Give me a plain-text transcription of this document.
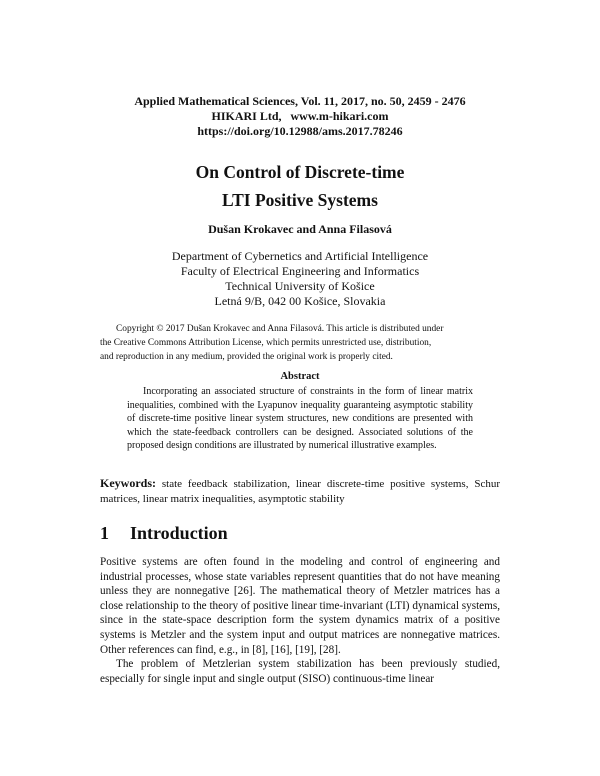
Applied Mathematical Sciences, Vol. 11, 2017, no. 50, 2459 - 2476
HIKARI Ltd,   www.m-hikari.com
https://doi.org/10.12988/ams.2017.78246
On Control of Discrete-time
LTI Positive Systems
Dušan Krokavec and Anna Filasová
Department of Cybernetics and Artificial Intelligence
Faculty of Electrical Engineering and Informatics
Technical University of Košice
Letná 9/B, 042 00 Košice, Slovakia
Copyright © 2017 Dušan Krokavec and Anna Filasová. This article is distributed under
the Creative Commons Attribution License, which permits unrestricted use, distribution,
and reproduction in any medium, provided the original work is properly cited.
Abstract
Incorporating an associated structure of constraints in the form of linear matrix inequalities, combined with the Lyapunov inequality guaranteing asymptotic stability of discrete-time positive linear system structures, new conditions are presented with which the state-feedback controllers can be designed. Associated solutions of the proposed design conditions are illustrated by numerical illustrative examples.
Keywords: state feedback stabilization, linear discrete-time positive systems, Schur matrices, linear matrix inequalities, asymptotic stability
1 Introduction

Positive systems are often found in the modeling and control of engineering and industrial processes, whose state variables represent quantities that do not have meaning unless they are nonnegative [26]. The mathematical theory of Metzler matrices has a close relationship to the theory of positive linear time-invariant (LTI) dynamical systems, since in the state-space description form the system dynamics matrix of a positive systems is Metzler and the system input and output matrices are nonnegative matrices. Other references can find, e.g., in [8], [16], [19], [28].

The problem of Metzlerian system stabilization has been previously studied, especially for single input and single output (SISO) continuous-time linear
